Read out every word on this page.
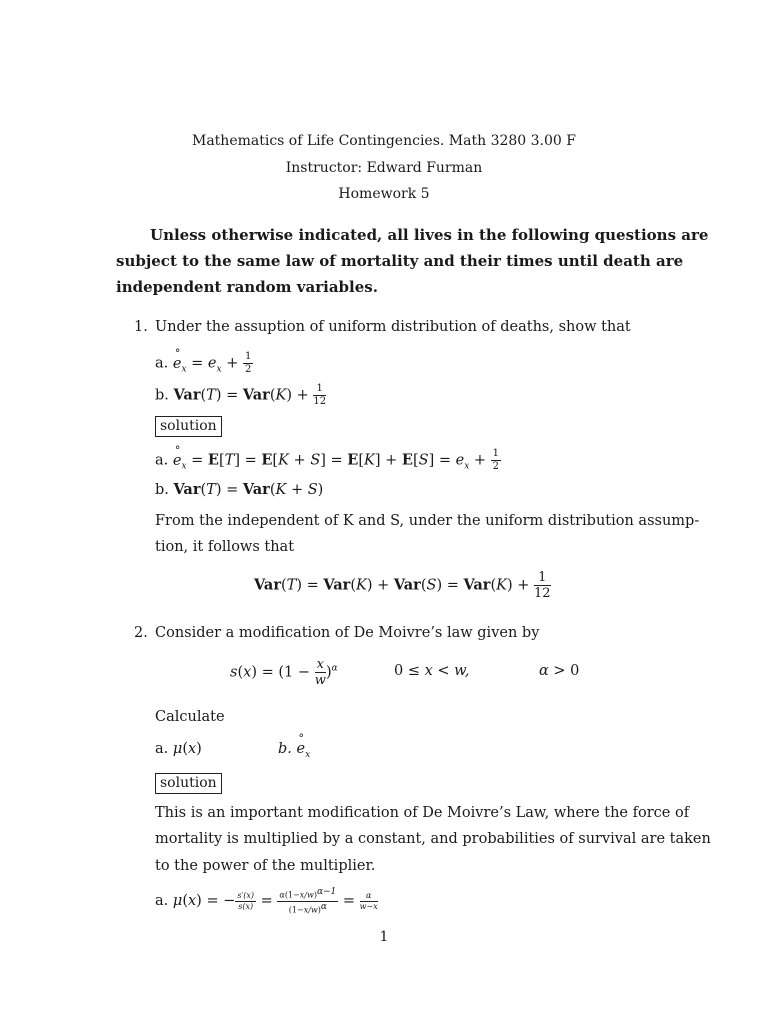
Mathematics of Life Contingencies. Math 3280 3.00 F
Instructor: Edward Furman
Homework 5
Unless otherwise indicated, all lives in the following questions are
subject to the same law of mortality and their times until death are
independent random variables.
1. Under the assuption of uniform distribution of deaths, show that
a. ° $e_x = e_x + \frac{1}{2}$
b. $Var(T) = Var(K) + \frac{1}{12}$
solution
a. ° $e_x = E[T] = E[K + S] = E[K] + E[S] = e_x + \frac{1}{2}$
b. Var(T) = Var(K + S)
From the independent of K and S, under the uniform distribution assump-
tion, it follows that
$Var(T) = Var(K) + Var(S) = Var(K) + \frac{1}{12}$
2. Consider a modification of De Moivre’s law given by
$s(x) = (1 - \frac{x}{w} )^\alpha$	0 ≤ x < w,	α > 0
Calculate
a. μ(x)	b. ° $e_x$
solution
This is an important modification of De Moivre’s Law, where the force of
mortality is multiplied by a constant, and probabilities of survival are taken
to the power of the multiplier.
a. μ(x) = − $\frac{s'(x)}{s(x)} = \frac{\alpha(1-x/w)^{\alpha-1}}{(1-x/w)^\alpha} = \frac{\alpha}{w-x}$
1
